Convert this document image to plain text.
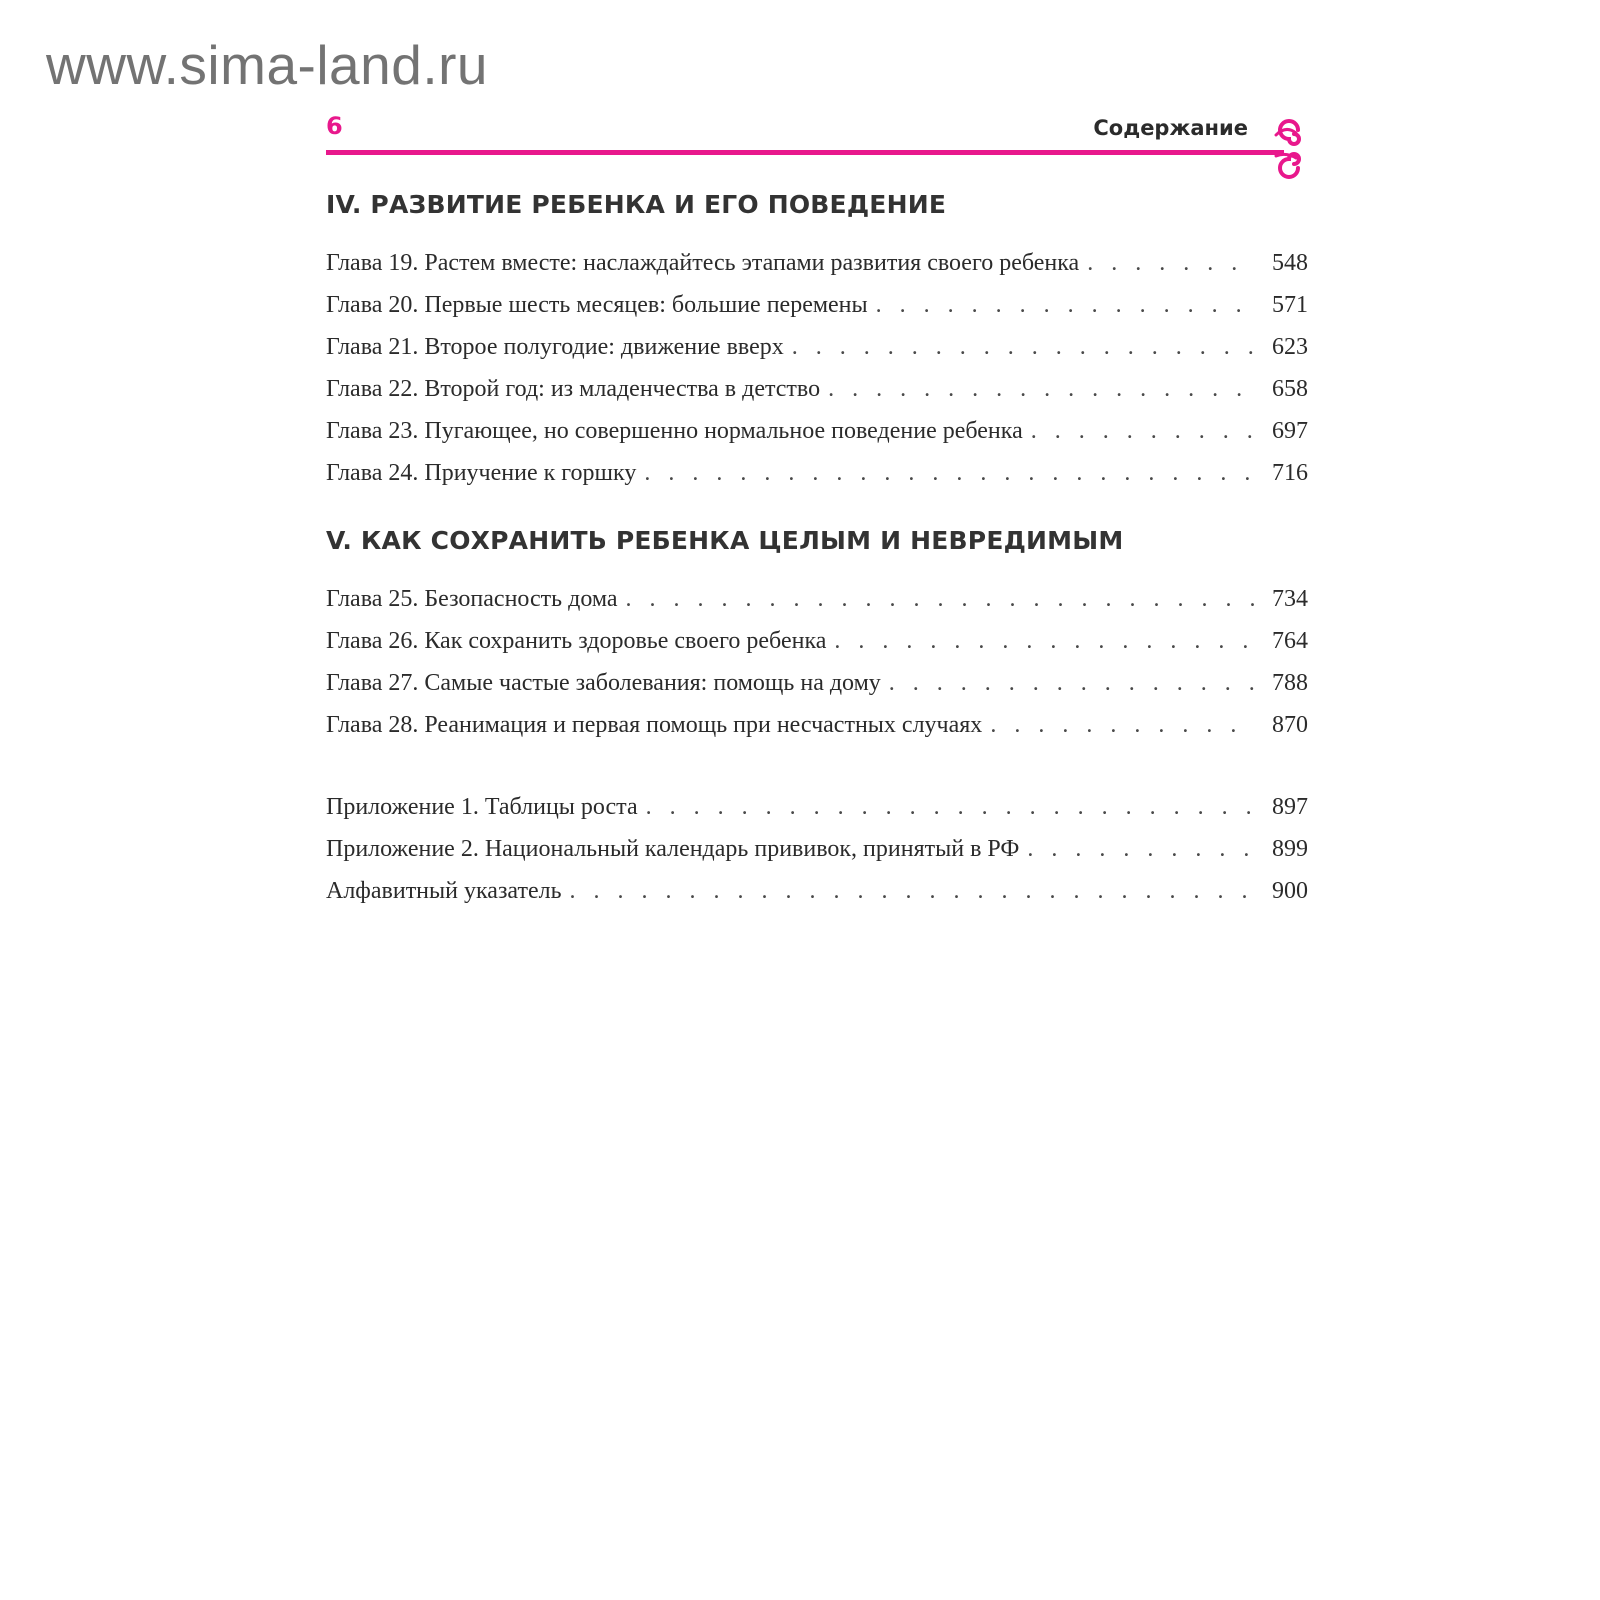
www.sima-land.ru
6	Содержание
IV. РАЗВИТИЕ РЕБЕНКА И ЕГО ПОВЕДЕНИЕ
Глава 19. Растем вместе: наслаждайтесь этапами развития своего ребенка . . .	548
Глава 20. Первые шесть месяцев: большие перемены . . .	571
Глава 21. Второе полугодие: движение вверх . . .	623
Глава 22. Второй год: из младенчества в детство . . .	658
Глава 23. Пугающее, но совершенно нормальное поведение ребенка . . .	697
Глава 24. Приучение к горшку . . .	716
V. КАК СОХРАНИТЬ РЕБЕНКА ЦЕЛЫМ И НЕВРЕДИМЫМ
Глава 25. Безопасность дома . . .	734
Глава 26. Как сохранить здоровье своего ребенка . . .	764
Глава 27. Самые частые заболевания: помощь на дому . . .	788
Глава 28. Реанимация и первая помощь при несчастных случаях . . .	870
Приложение 1. Таблицы роста . . .	897
Приложение 2. Национальный календарь прививок, принятый в РФ . . .	899
Алфавитный указатель . . .	900
